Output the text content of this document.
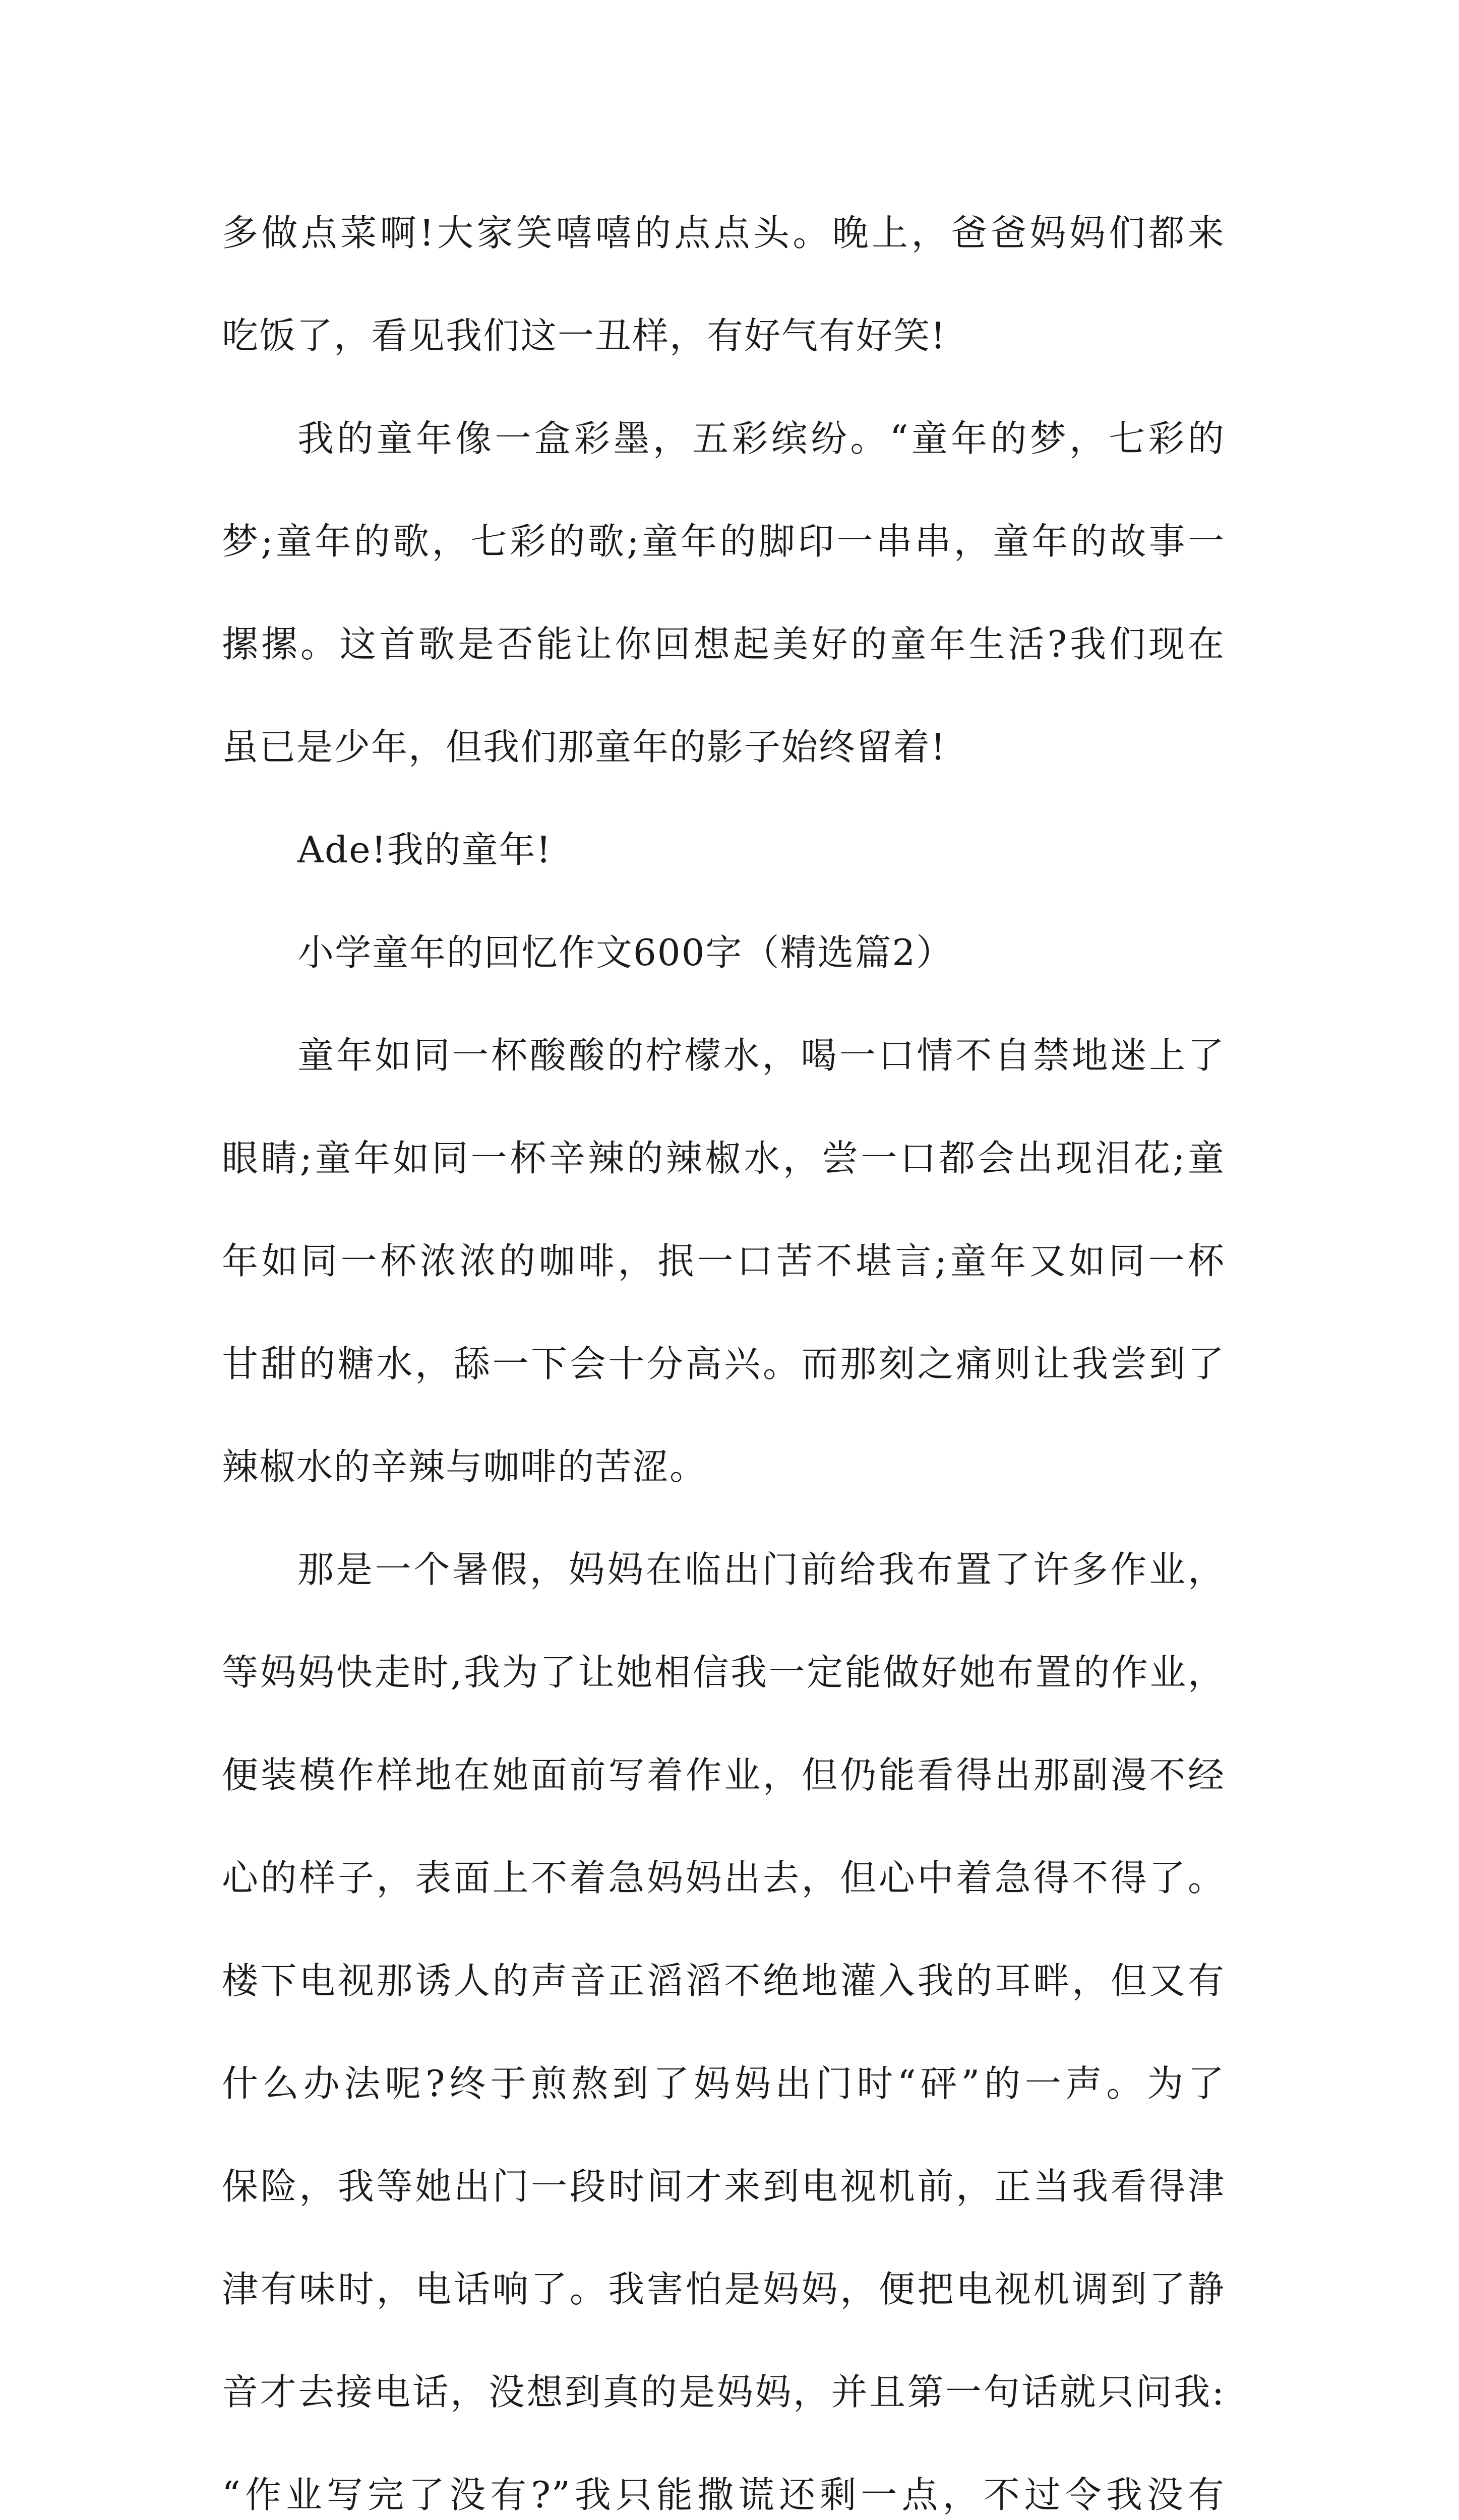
多做点菜啊!大家笑嘻嘻的点点头。晚上，爸爸妈妈们都来
吃饭了，看见我们这一丑样，有好气有好笑!
我的童年像一盒彩墨，五彩缤纷。“童年的梦，七彩的
梦;童年的歌，七彩的歌;童年的脚印一串串，童年的故事一
摞摞。这首歌是否能让你回想起美好的童年生活?我们现在
虽已是少年，但我们那童年的影子始终留着!
Ade!我的童年!
小学童年的回忆作文600字（精选篇2）
童年如同一杯酸酸的柠檬水，喝一口情不自禁地迷上了
眼睛;童年如同一杯辛辣的辣椒水，尝一口都会出现泪花;童
年如同一杯浓浓的咖啡，抿一口苦不堪言;童年又如同一杯
甘甜的糖水，舔一下会十分高兴。而那刻之痛则让我尝到了
辣椒水的辛辣与咖啡的苦涩。
那是一个暑假，妈妈在临出门前给我布置了许多作业，
等妈妈快走时,我为了让她相信我一定能做好她布置的作业，
便装模作样地在她面前写着作业，但仍能看得出那副漫不经
心的样子，表面上不着急妈妈出去，但心中着急得不得了。
楼下电视那诱人的声音正滔滔不绝地灌入我的耳畔，但又有
什么办法呢?终于煎熬到了妈妈出门时“砰”的一声。为了
保险，我等她出门一段时间才来到电视机前，正当我看得津
津有味时，电话响了。我害怕是妈妈，便把电视机调到了静
音才去接电话，没想到真的是妈妈，并且第一句话就只问我:
“作业写完了没有?”我只能撒谎还剩一点，不过令我没有
